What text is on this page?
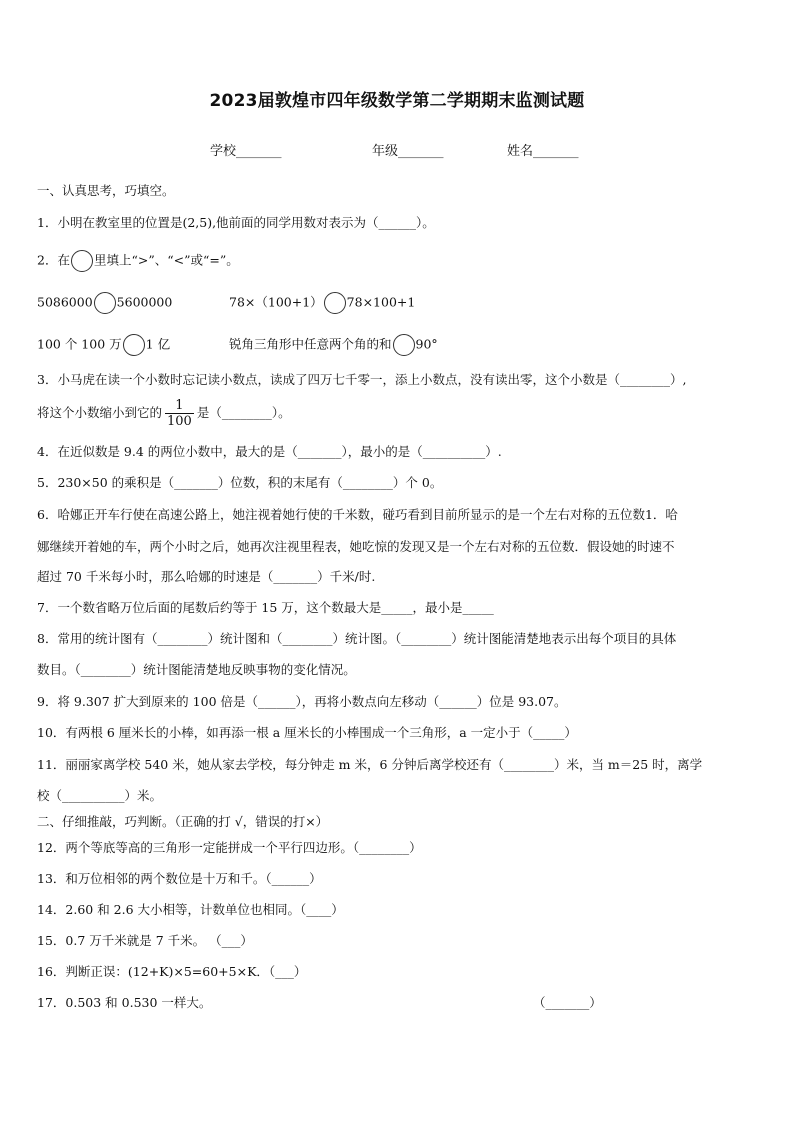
2023届敦煌市四年级数学第二学期期末监测试题
学校_______	年级_______	姓名_______
一、认真思考，巧填空。
1．小明在教室里的位置是(2,5),他前面的同学用数对表示为（______）。
2．在 里填上“>”、“<”或“=”。
5086000 5600000	78×（100+1） 78×100+1
100 个 100 万 1 亿	锐角三角形中任意两个角的和 90°
3．小马虎在读一个小数时忘记读小数点，读成了四万七千零一，添上小数点，没有读出零，这个小数是（________）,
将这个小数缩小到它的 $\frac{1}{100}$ 是（________）。
4．在近似数是 9.4 的两位小数中，最大的是（_______），最小的是（__________）.
5．230×50 的乘积是（_______）位数，积的末尾有（________）个 0。
6．哈娜正开车行使在高速公路上，她注视着她行使的千米数，碰巧看到目前所显示的是一个左右对称的五位数1．哈
娜继续开着她的车，两个小时之后，她再次注视里程表，她吃惊的发现又是一个左右对称的五位数．假设她的时速不
超过 70 千米每小时，那么哈娜的时速是（_______）千米/时.
7．一个数省略万位后面的尾数后约等于 15 万，这个数最大是_____，最小是_____
8．常用的统计图有（________）统计图和（________）统计图。（________）统计图能清楚地表示出每个项目的具体
数目。（________）统计图能清楚地反映事物的变化情况。
9．将 9.307 扩大到原来的 100 倍是（______），再将小数点向左移动（______）位是 93.07。
10．有两根 6 厘米长的小棒，如再添一根 a 厘米长的小棒围成一个三角形，a 一定小于（_____）
11．丽丽家离学校 540 米，她从家去学校，每分钟走 m 米，6 分钟后离学校还有（________）米，当 m＝25 时，离学
校（__________）米。
二、仔细推敲，巧判断。（正确的打 √，错误的打×）
12．两个等底等高的三角形一定能拼成一个平行四边形。（________）
13．和万位相邻的两个数位是十万和千。（______）
14．2.60 和 2.6 大小相等，计数单位也相同。（____）
15．0.7 万千米就是 7 千米。 （___）
16．判断正误：(12+K)×5=60+5×K．（___）
17．0.503 和 0.530 一样大。	（_______）
